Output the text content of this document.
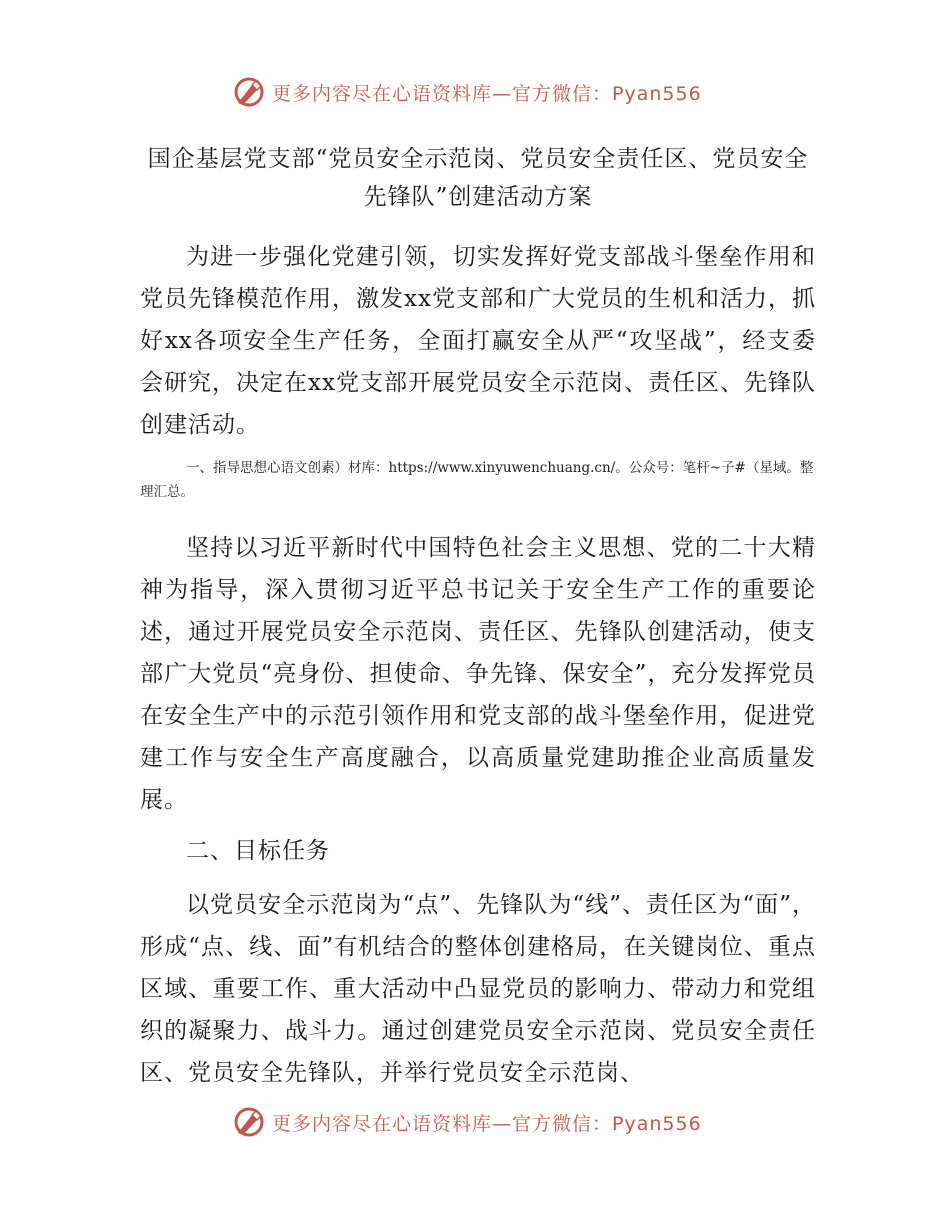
更多内容尽在心语资料库—官方微信：Pyan556
国企基层党支部“党员安全示范岗、党员安全责任区、党员安全先锋队”创建活动方案

为进一步强化党建引领，切实发挥好党支部战斗堡垒作用和党员先锋模范作用，激发xx党支部和广大党员的生机和活力，抓好xx各项安全生产任务，全面打赢安全从严“攻坚战”，经支委会研究，决定在xx党支部开展党员安全示范岗、责任区、先锋队创建活动。

一、指导思想心语文创素）材库：https://www.xinyuwenchuang.cn/。公众号：笔杆~子#（星域。整理汇总。

坚持以习近平新时代中国特色社会主义思想、党的二十大精神为指导，深入贯彻习近平总书记关于安全生产工作的重要论述，通过开展党员安全示范岗、责任区、先锋队创建活动，使支部广大党员“亮身份、担使命、争先锋、保安全”，充分发挥党员在安全生产中的示范引领作用和党支部的战斗堡垒作用，促进党建工作与安全生产高度融合，以高质量党建助推企业高质量发展。

二、目标任务

以党员安全示范岗为“点”、先锋队为“线”、责任区为“面”，形成“点、线、面”有机结合的整体创建格局，在关键岗位、重点区域、重要工作、重大活动中凸显党员的影响力、带动力和党组织的凝聚力、战斗力。通过创建党员安全示范岗、党员安全责任区、党员安全先锋队，并举行党员安全示范岗、

更多内容尽在心语资料库—官方微信：Pyan556
